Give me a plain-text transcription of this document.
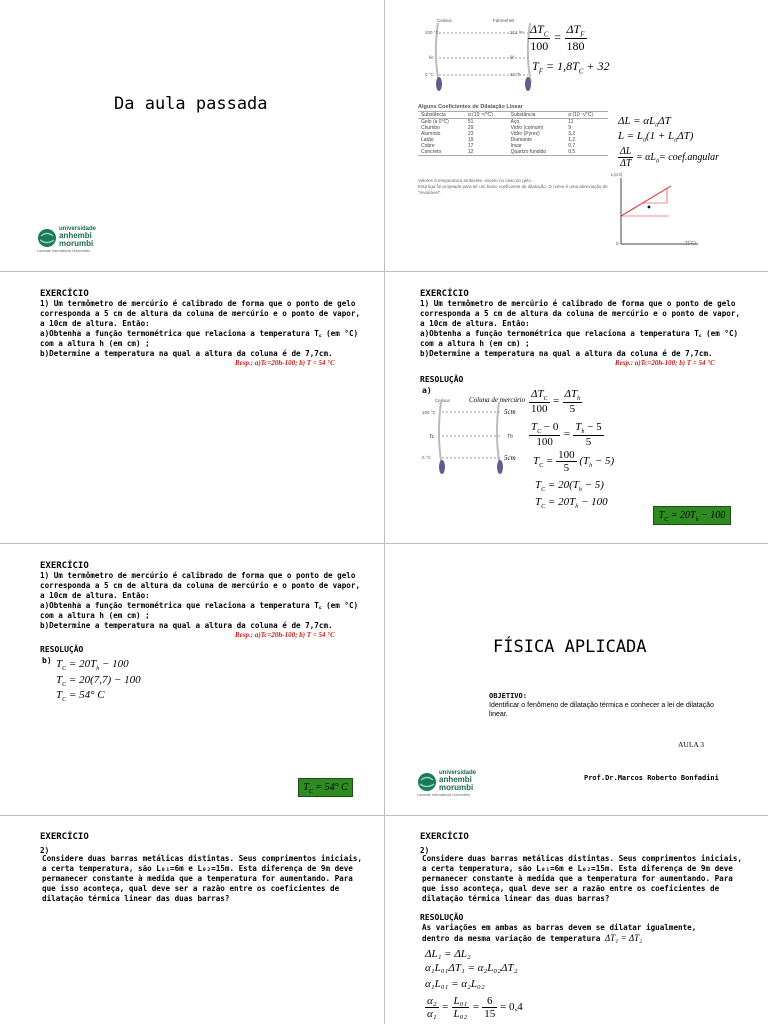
Da aula passada
universidade
anhembi
morumbi
Laureate International Universities
Celsius	Fahrenheit
100 °C
θc
0 °C
212 °F
θf
32 °F
$\frac{\Delta T_C}{100} = \frac{\Delta T_F}{180}$
$T_F = 1,8T_C + 32$
Alguns Coeficientes de Dilatação Linear
Substância	α (10⁻⁶/°C)	Substância	α (10⁻⁶/°C)
Gelo (a 0°C)	51	Aço	11
Chumbo	29	Vidro (comum)	9
Alumínio	23	Vidro (Pyrex)	3,2
Latão	19	Diamante	1,2
Cobre	17	Invar	0,7
Concreto	12	Quartzo fundido	0,5
Valores à temperatura ambiente, exceto no caso do gelo.
Esta liga foi projetada para ter um baixo coeficiente de dilatação. O nome é uma abreviação de "invariável".
$\Delta L = \alpha L_0\Delta T$
$L = L_0(1 + L_0\Delta T)$
$\frac{\Delta L}{\Delta T} = \alpha L_0=$ coef.angular
L(cm)
T(°C)
0
EXERCÍCIO
1) Um termômetro de mercúrio é calibrado de forma que o ponto de gelo
corresponda a 5 cm de altura da coluna de mercúrio e o ponto de vapor,
a 10cm de altura. Então:
a)Obtenha a função termométrica que relaciona a temperatura T꜀ (em °C)
com a altura h (em cm) ;
b)Determine a temperatura na qual a altura da coluna é de 7,7cm.
Resp.: a)Tc=20h-100; b) T = 54 °C
EXERCÍCIO
1) Um termômetro de mercúrio é calibrado de forma que o ponto de gelo
corresponda a 5 cm de altura da coluna de mercúrio e o ponto de vapor,
a 10cm de altura. Então:
a)Obtenha a função termométrica que relaciona a temperatura T꜀ (em °C)
com a altura h (em cm) ;
b)Determine a temperatura na qual a altura da coluna é de 7,7cm.
Resp.: a)Tc=20h-100; b) T = 54 °C
RESOLUÇÃO
a)
Celsius	Coluna de mercúrio
100 °C
Tc
0 °C
5cm
Th
5cm
$\frac{\Delta T_C}{100} = \frac{\Delta T_h}{5}$
$\frac{T_C - 0}{100} = \frac{T_h - 5}{5}$
$T_C = \frac{100}{5} (T_h - 5)$
$T_C = 20(T_h - 5)$
$T_C = 20T_h - 100$
$T_C = 20T_h - 100$
EXERCÍCIO
1) Um termômetro de mercúrio é calibrado de forma que o ponto de gelo
corresponda a 5 cm de altura da coluna de mercúrio e o ponto de vapor,
a 10cm de altura. Então:
a)Obtenha a função termométrica que relaciona a temperatura T꜀ (em °C)
com a altura h (em cm) ;
b)Determine a temperatura na qual a altura da coluna é de 7,7cm.
Resp.: a)Tc=20h-100; b) T = 54 °C
RESOLUÇÃO
b) $T_C = 20T_h - 100$
$T_C = 20(7,7) - 100$
$T_C = 54^\circ$ C
$T_C = 54^\circ$ C
FÍSICA APLICADA
OBJETIVO:
Identificar o fenômeno de dilatação térmica e conhecer a lei de dilatação linear.
AULA 3
Prof.Dr.Marcos Roberto Bonfadini
universidade
anhembi
morumbi
Laureate International Universities
EXERCÍCIO
2)
Considere duas barras metálicas distintas. Seus comprimentos iniciais,
a certa temperatura, são L₀₁=6m e L₀₂=15m. Esta diferença de 9m deve
permanecer constante à medida que a temperatura for aumentando. Para
que isso aconteça, qual deve ser a razão entre os coeficientes de
dilatação térmica linear das duas barras?
EXERCÍCIO
2)
Considere duas barras metálicas distintas. Seus comprimentos iniciais,
a certa temperatura, são L₀₁=6m e L₀₂=15m. Esta diferença de 9m deve
permanecer constante à medida que a temperatura for aumentando. Para
que isso aconteça, qual deve ser a razão entre os coeficientes de
dilatação térmica linear das duas barras?
RESOLUÇÃO
As variações em ambas as barras devem se dilatar igualmente,
dentro da mesma variação de temperatura ΔT₁ = ΔT₂
ΔL₁ = ΔL₂
α₁L₀₁ΔT₁ = α₂L₀₂ΔT₂
α₁L₀₁ = α₂L₀₂
$\frac{\text{α₂}}{\text{α₁}} = \frac{\text{L₀₁}}{\text{L₀₂}} = \frac{6}{15} = 0,4$
